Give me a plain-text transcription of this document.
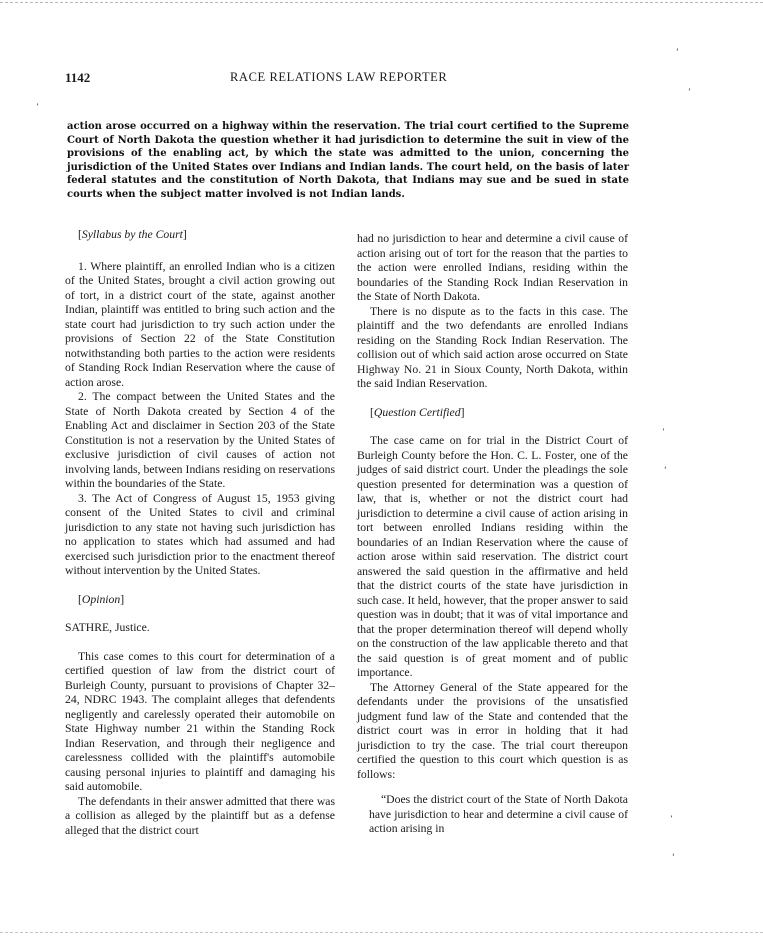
1142	RACE RELATIONS LAW REPORTER
action arose occurred on a highway within the reservation. The trial court certified to the Supreme Court of North Dakota the question whether it had jurisdiction to determine the suit in view of the provisions of the enabling act, by which the state was admitted to the union, concerning the jurisdiction of the United States over Indians and Indian lands. The court held, on the basis of later federal statutes and the constitution of North Dakota, that Indians may sue and be sued in state courts when the subject matter involved is not Indian lands.

[Syllabus by the Court]

1. Where plaintiff, an enrolled Indian who is a citizen of the United States, brought a civil action growing out of tort, in a district court of the state, against another Indian, plaintiff was entitled to bring such action and the state court had jurisdiction to try such action under the provisions of Section 22 of the State Constitution notwithstanding both parties to the action were residents of Standing Rock Indian Reservation where the cause of action arose.

2. The compact between the United States and the State of North Dakota created by Section 4 of the Enabling Act and disclaimer in Section 203 of the State Constitution is not a reservation by the United States of exclusive jurisdiction of civil causes of action not involving lands, between Indians residing on reservations within the boundaries of the State.

3. The Act of Congress of August 15, 1953 giving consent of the United States to civil and criminal jurisdiction to any state not having such jurisdiction has no application to states which had assumed and had exercised such jurisdiction prior to the enactment thereof without intervention by the United States.

[Opinion]

SATHRE, Justice.

This case comes to this court for determination of a certified question of law from the district court of Burleigh County, pursuant to provisions of Chapter 32–24, NDRC 1943. The complaint alleges that defendents negligently and carelessly operated their automobile on State Highway number 21 within the Standing Rock Indian Reservation, and through their negligence and carelessness collided with the plaintiff's automobile causing personal injuries to plaintiff and damaging his said automobile.

The defendants in their answer admitted that there was a collision as alleged by the plaintiff but as a defense alleged that the district court

had no jurisdiction to hear and determine a civil cause of action arising out of tort for the reason that the parties to the action were enrolled Indians, residing within the boundaries of the Standing Rock Indian Reservation in the State of North Dakota.

There is no dispute as to the facts in this case. The plaintiff and the two defendants are enrolled Indians residing on the Standing Rock Indian Reservation. The collision out of which said action arose occurred on State Highway No. 21 in Sioux County, North Dakota, within the said Indian Reservation.

[Question Certified]

The case came on for trial in the District Court of Burleigh County before the Hon. C. L. Foster, one of the judges of said district court. Under the pleadings the sole question presented for determination was a question of law, that is, whether or not the district court had jurisdiction to determine a civil cause of action arising in tort between enrolled Indians residing within the boundaries of an Indian Reservation where the cause of action arose within said reservation. The district court answered the said question in the affirmative and held that the district courts of the state have jurisdiction in such case. It held, however, that the proper answer to said question was in doubt; that it was of vital importance and that the proper determination thereof will depend wholly on the construction of the law applicable thereto and that the said question is of great moment and of public importance.

The Attorney General of the State appeared for the defendants under the provisions of the unsatisfied judgment fund law of the State and contended that the district court was in error in holding that it had jurisdiction to try the case. The trial court thereupon certified the question to this court which question is as follows:

“Does the district court of the State of North Dakota have jurisdiction to hear and determine a civil cause of action arising in

‘
’
’
’
‘
’
‘
